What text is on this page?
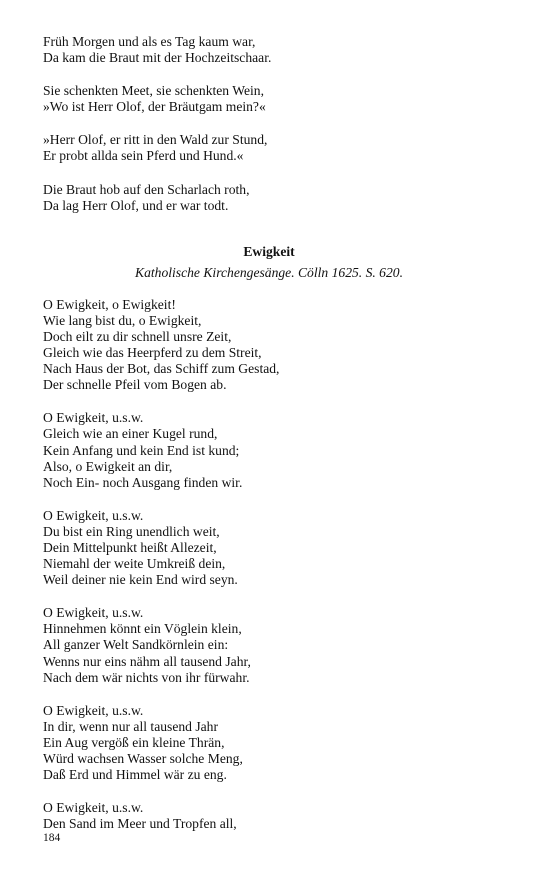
Früh Morgen und als es Tag kaum war,
Da kam die Braut mit der Hochzeitschaar.
Sie schenkten Meet, sie schenkten Wein,
»Wo ist Herr Olof, der Bräutgam mein?«
»Herr Olof, er ritt in den Wald zur Stund,
Er probt allda sein Pferd und Hund.«
Die Braut hob auf den Scharlach roth,
Da lag Herr Olof, und er war todt.
Ewigkeit
Katholische Kirchengesänge. Cölln 1625. S. 620.
O Ewigkeit, o Ewigkeit!
Wie lang bist du, o Ewigkeit,
Doch eilt zu dir schnell unsre Zeit,
Gleich wie das Heerpferd zu dem Streit,
Nach Haus der Bot, das Schiff zum Gestad,
Der schnelle Pfeil vom Bogen ab.
O Ewigkeit, u.s.w.
Gleich wie an einer Kugel rund,
Kein Anfang und kein End ist kund;
Also, o Ewigkeit an dir,
Noch Ein- noch Ausgang finden wir.
O Ewigkeit, u.s.w.
Du bist ein Ring unendlich weit,
Dein Mittelpunkt heißt Allezeit,
Niemahl der weite Umkreiß dein,
Weil deiner nie kein End wird seyn.
O Ewigkeit, u.s.w.
Hinnehmen könnt ein Vöglein klein,
All ganzer Welt Sandkörnlein ein:
Wenns nur eins nähm all tausend Jahr,
Nach dem wär nichts von ihr fürwahr.
O Ewigkeit, u.s.w.
In dir, wenn nur all tausend Jahr
Ein Aug vergöß ein kleine Thrän,
Würd wachsen Wasser solche Meng,
Daß Erd und Himmel wär zu eng.
O Ewigkeit, u.s.w.
Den Sand im Meer und Tropfen all,
184
